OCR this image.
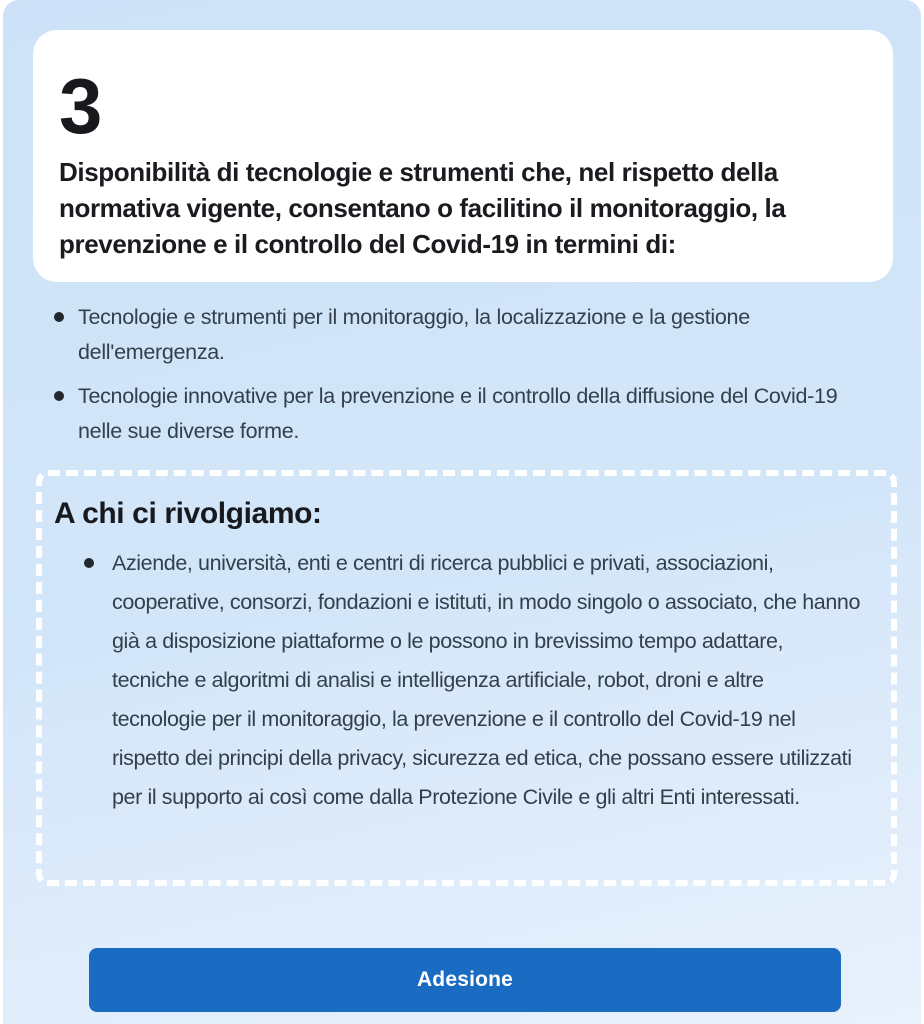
3
Disponibilità di tecnologie e strumenti che, nel rispetto della normativa vigente, consentano o facilitino il monitoraggio, la prevenzione e il controllo del Covid-19 in termini di:
Tecnologie e strumenti per il monitoraggio, la localizzazione e la gestione dell'emergenza.
Tecnologie innovative per la prevenzione e il controllo della diffusione del Covid-19 nelle sue diverse forme.
A chi ci rivolgiamo:
Aziende, università, enti e centri di ricerca pubblici e privati, associazioni, cooperative, consorzi, fondazioni e istituti, in modo singolo o associato, che hanno già a disposizione piattaforme o le possono in brevissimo tempo adattare, tecniche e algoritmi di analisi e intelligenza artificiale, robot, droni e altre tecnologie per il monitoraggio, la prevenzione e il controllo del Covid-19 nel rispetto dei principi della privacy, sicurezza ed etica, che possano essere utilizzati per il supporto ai così come dalla Protezione Civile e gli altri Enti interessati.
Adesione
